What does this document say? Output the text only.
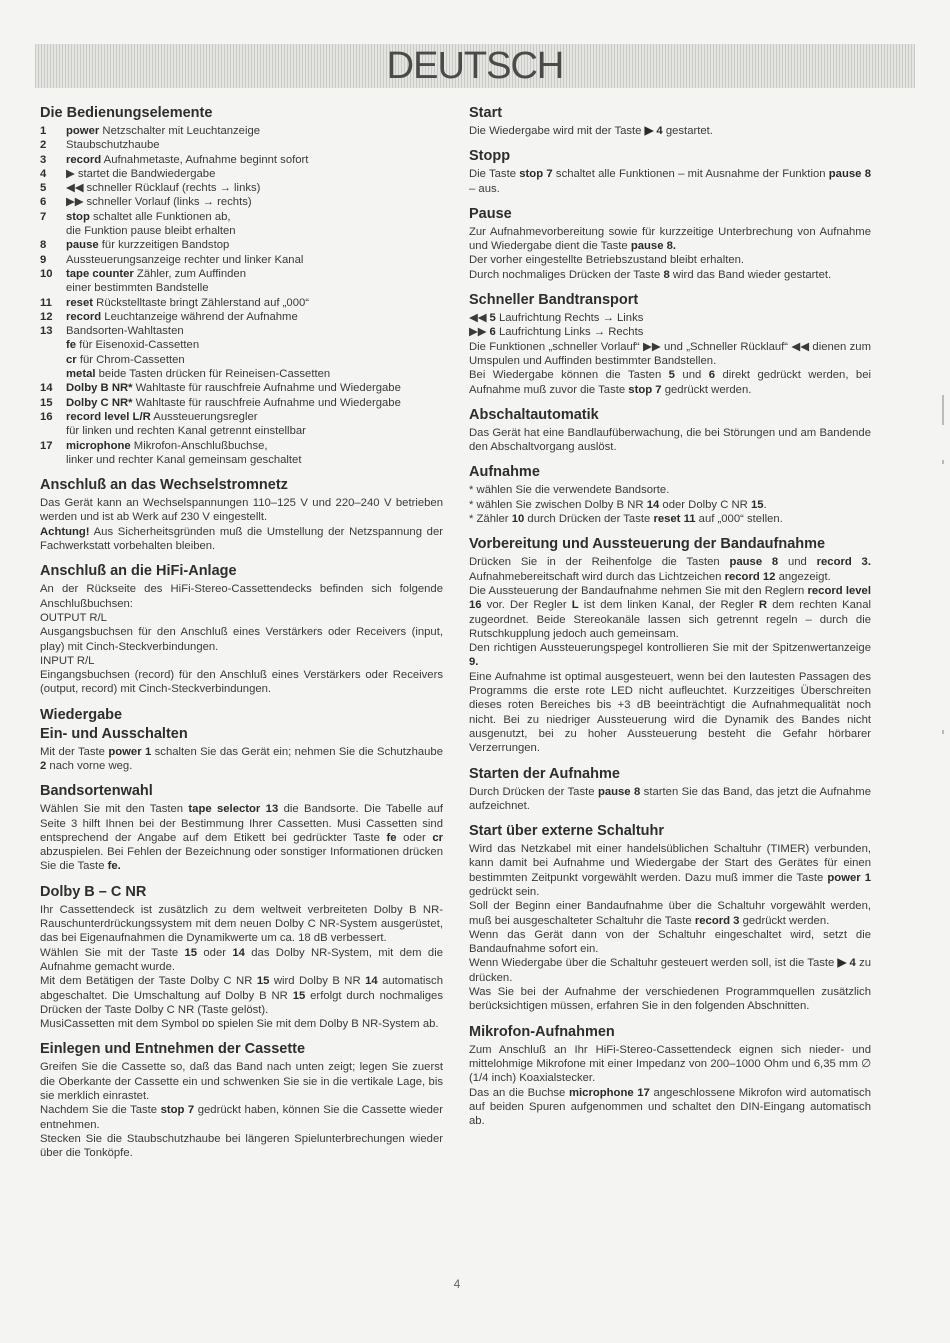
DEUTSCH
Die Bedienungselemente
1	power Netzschalter mit Leuchtanzeige
2	Staubschutzhaube
3	record Aufnahmetaste, Aufnahme beginnt sofort
4	▶ startet die Bandwiedergabe
5	◀◀ schneller Rücklauf (rechts → links)
6	▶▶ schneller Vorlauf (links → rechts)
7	stop schaltet alle Funktionen ab,
die Funktion pause bleibt erhalten
8	pause für kurzzeitigen Bandstop
9	Aussteuerungsanzeige rechter und linker Kanal
10	tape counter Zähler, zum Auffinden
einer bestimmten Bandstelle
11	reset Rückstelltaste bringt Zählerstand auf „000“
12	record Leuchtanzeige während der Aufnahme
13	Bandsorten-Wahltasten
fe für Eisenoxid-Cassetten
cr für Chrom-Cassetten
metal beide Tasten drücken für Reineisen-Cassetten
14	Dolby B NR* Wahltaste für rauschfreie Aufnahme und Wiedergabe
15	Dolby C NR* Wahltaste für rauschfreie Aufnahme und Wiedergabe
16	record level L/R Aussteuerungsregler
für linken und rechten Kanal getrennt einstellbar
17	microphone Mikrofon-Anschlußbuchse,
linker und rechter Kanal gemeinsam geschaltet
Anschluß an das Wechselstromnetz

Das Gerät kann an Wechselspannungen 110–125 V und 220–240 V betrieben werden und ist ab Werk auf 230 V eingestellt.

Achtung! Aus Sicherheitsgründen muß die Umstellung der Netzspannung der Fachwerkstatt vorbehalten bleiben.

Anschluß an die HiFi-Anlage

An der Rückseite des HiFi-Stereo-Cassettendecks befinden sich folgende Anschlußbuchsen:

OUTPUT R/L

Ausgangsbuchsen für den Anschluß eines Verstärkers oder Receivers (input, play) mit Cinch-Steckverbindungen.

INPUT R/L

Eingangsbuchsen (record) für den Anschluß eines Verstärkers oder Receivers (output, record) mit Cinch-Steckverbindungen.

Wiedergabe
Ein- und Ausschalten

Mit der Taste power 1 schalten Sie das Gerät ein; nehmen Sie die Schutzhaube 2 nach vorne weg.

Bandsortenwahl

Wählen Sie mit den Tasten tape selector 13 die Bandsorte. Die Tabelle auf Seite 3 hilft Ihnen bei der Bestimmung Ihrer Cassetten. Musi Cassetten sind entsprechend der Angabe auf dem Etikett bei gedrückter Taste fe oder cr abzuspielen. Bei Fehlen der Bezeichnung oder sonstiger Informationen drücken Sie die Taste fe.

Dolby B – C NR

Ihr Cassettendeck ist zusätzlich zu dem weltweit verbreiteten Dolby B NR-Rauschunterdrückungssystem mit dem neuen Dolby C NR-System ausgerüstet, das bei Eigenaufnahmen die Dynamikwerte um ca. 18 dB verbessert.

Wählen Sie mit der Taste 15 oder 14 das Dolby NR-System, mit dem die Aufnahme gemacht wurde.

Mit dem Betätigen der Taste Dolby C NR 15 wird Dolby B NR 14 automatisch abgeschaltet. Die Umschaltung auf Dolby B NR 15 erfolgt durch nochmaliges Drücken der Taste Dolby C NR (Taste gelöst).

MusiCassetten mit dem Symbol ᴅᴅ spielen Sie mit dem Dolby B NR-System ab.

Einlegen und Entnehmen der Cassette

Greifen Sie die Cassette so, daß das Band nach unten zeigt; legen Sie zuerst die Oberkante der Cassette ein und schwenken Sie sie in die vertikale Lage, bis sie merklich einrastet.

Nachdem Sie die Taste stop 7 gedrückt haben, können Sie die Cassette wieder entnehmen.

Stecken Sie die Staubschutzhaube bei längeren Spielunterbrechungen wieder über die Tonköpfe.

Start

Die Wiedergabe wird mit der Taste ▶ 4 gestartet.

Stopp

Die Taste stop 7 schaltet alle Funktionen – mit Ausnahme der Funktion pause 8 – aus.

Pause

Zur Aufnahmevorbereitung sowie für kurzzeitige Unterbrechung von Aufnahme und Wiedergabe dient die Taste pause 8.

Der vorher eingestellte Betriebszustand bleibt erhalten.

Durch nochmaliges Drücken der Taste 8 wird das Band wieder gestartet.

Schneller Bandtransport

◀◀ 5 Laufrichtung Rechts → Links

▶▶ 6 Laufrichtung Links → Rechts

Die Funktionen „schneller Vorlauf“ ▶▶ und „Schneller Rücklauf“ ◀◀ dienen zum Umspulen und Auffinden bestimmter Bandstellen.

Bei Wiedergabe können die Tasten 5 und 6 direkt gedrückt werden, bei Aufnahme muß zuvor die Taste stop 7 gedrückt werden.

Abschaltautomatik

Das Gerät hat eine Bandlaufüberwachung, die bei Störungen und am Bandende den Abschaltvorgang auslöst.

Aufnahme

* wählen Sie die verwendete Bandsorte.

* wählen Sie zwischen Dolby B NR 14 oder Dolby C NR 15.

* Zähler 10 durch Drücken der Taste reset 11 auf „000“ stellen.

Vorbereitung und Aussteuerung der Bandaufnahme

Drücken Sie in der Reihenfolge die Tasten pause 8 und record 3. Aufnahmebereitschaft wird durch das Lichtzeichen record 12 angezeigt.

Die Aussteuerung der Bandaufnahme nehmen Sie mit den Reglern record level 16 vor. Der Regler L ist dem linken Kanal, der Regler R dem rechten Kanal zugeordnet. Beide Stereokanäle lassen sich getrennt regeln – durch die Rutschkupplung jedoch auch gemeinsam.

Den richtigen Aussteuerungspegel kontrollieren Sie mit der Spitzenwertanzeige 9.

Eine Aufnahme ist optimal ausgesteuert, wenn bei den lautesten Passagen des Programms die erste rote LED nicht aufleuchtet. Kurzzeitiges Überschreiten dieses roten Bereiches bis +3 dB beeinträchtigt die Aufnahmequalität noch nicht. Bei zu niedriger Aussteuerung wird die Dynamik des Bandes nicht ausgenutzt, bei zu hoher Aussteuerung besteht die Gefahr hörbarer Verzerrungen.

Starten der Aufnahme

Durch Drücken der Taste pause 8 starten Sie das Band, das jetzt die Aufnahme aufzeichnet.

Start über externe Schaltuhr

Wird das Netzkabel mit einer handelsüblichen Schaltuhr (TIMER) verbunden, kann damit bei Aufnahme und Wiedergabe der Start des Gerätes für einen bestimmten Zeitpunkt vorgewählt werden. Dazu muß immer die Taste power 1 gedrückt sein.

Soll der Beginn einer Bandaufnahme über die Schaltuhr vorgewählt werden, muß bei ausgeschalteter Schaltuhr die Taste record 3 gedrückt werden.

Wenn das Gerät dann von der Schaltuhr eingeschaltet wird, setzt die Bandaufnahme sofort ein.

Wenn Wiedergabe über die Schaltuhr gesteuert werden soll, ist die Taste ▶ 4 zu drücken.

Was Sie bei der Aufnahme der verschiedenen Programmquellen zusätzlich berücksichtigen müssen, erfahren Sie in den folgenden Abschnitten.

Mikrofon-Aufnahmen

Zum Anschluß an Ihr HiFi-Stereo-Cassettendeck eignen sich nieder- und mittelohmige Mikrofone mit einer Impedanz von 200–1000 Ohm und 6,35 mm ∅ (1/4 inch) Koaxialstecker.

Das an die Buchse microphone 17 angeschlossene Mikrofon wird automatisch auf beiden Spuren aufgenommen und schaltet den DIN-Eingang automatisch ab.

4
